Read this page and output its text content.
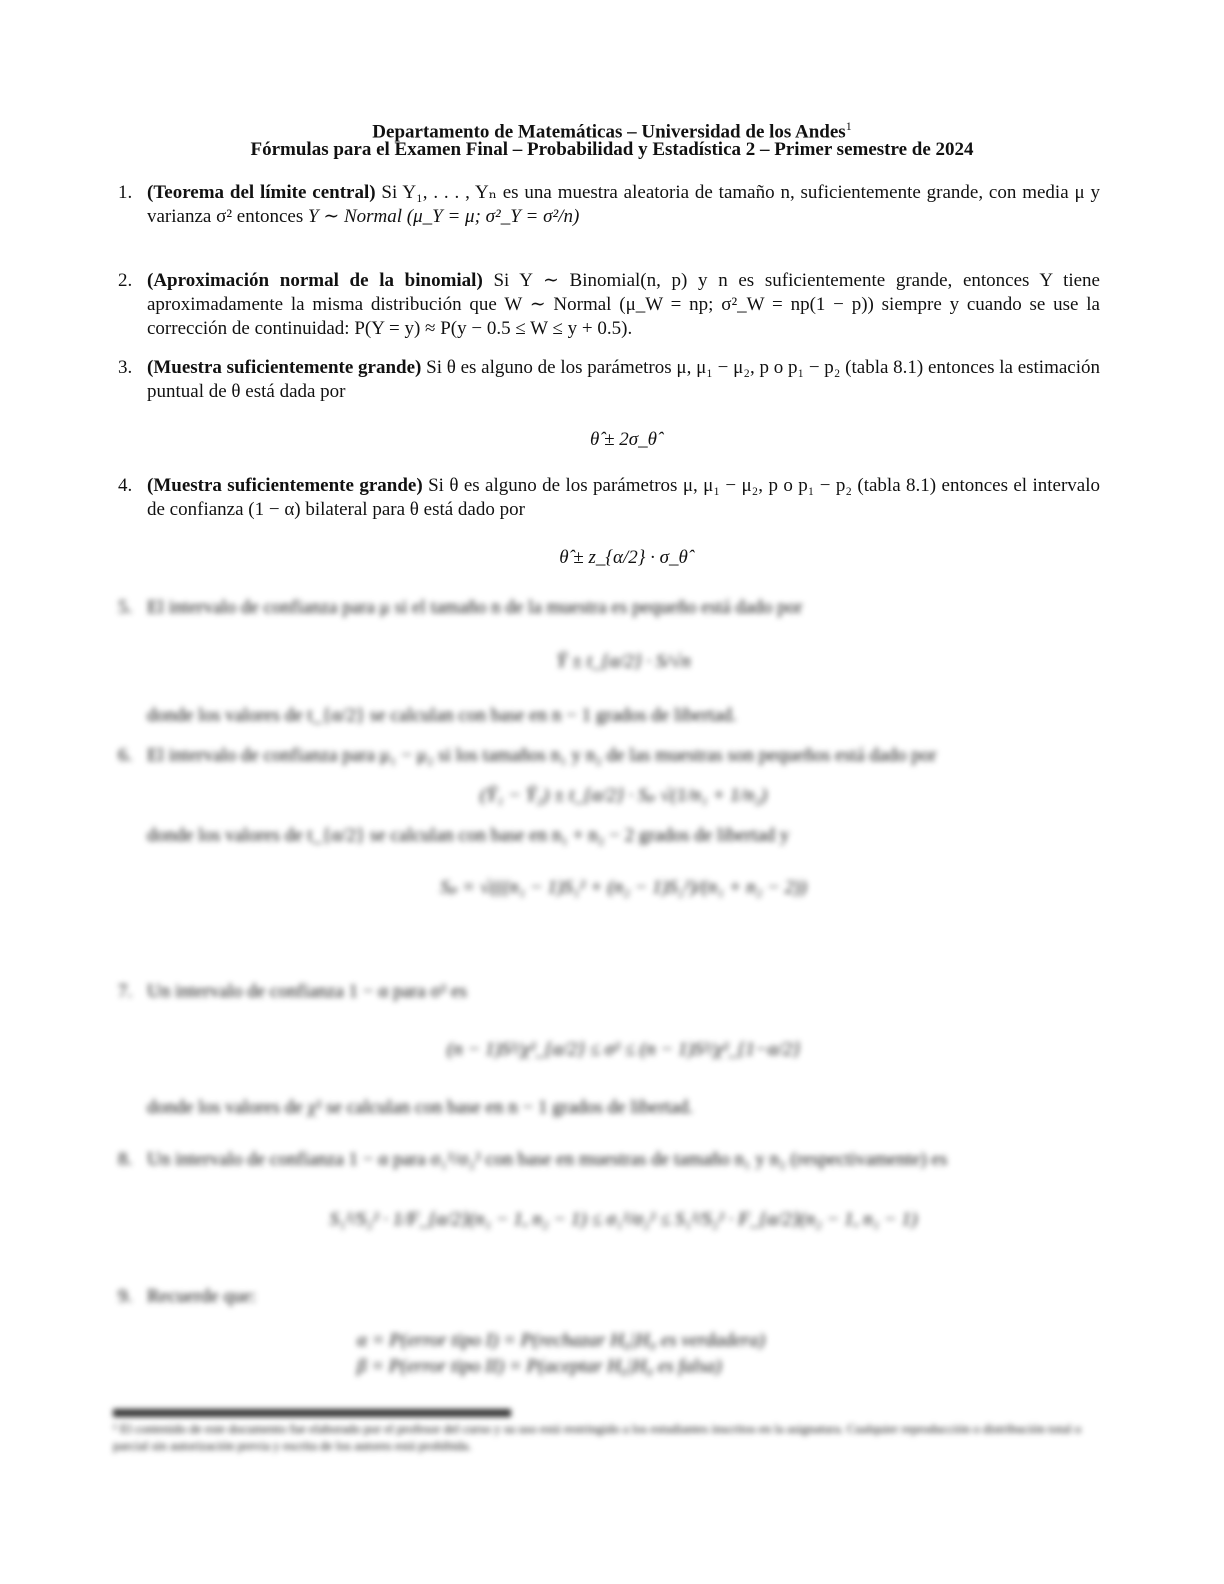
Departamento de Matemáticas – Universidad de los Andes$^1$
Fórmulas para el Examen Final – Probabilidad y Estadística 2 – Primer semestre de 2024
1. (Teorema del límite central) Si Y₁, . . . , Yₙ es una muestra aleatoria de tamaño n, suficientemente grande, con media μ y varianza σ² entonces Y ∼ Normal (μ_Y = μ; σ²_Y = σ²/n)
2. (Aproximación normal de la binomial) Si Y ∼ Binomial(n, p) y n es suficientemente grande, entonces Y tiene aproximadamente la misma distribución que W ∼ Normal (μ_W = np; σ²_W = np(1 − p)) siempre y cuando se use la corrección de continuidad: P(Y = y) ≈ P(y − 0.5 ≤ W ≤ y + 0.5).
3. (Muestra suficientemente grande) Si θ es alguno de los parámetros μ, μ₁ − μ₂, p o p₁ − p₂ (tabla 8.1) entonces la estimación puntual de θ está dada por
θ̂ ± 2σ_θ̂
4. (Muestra suficientemente grande) Si θ es alguno de los parámetros μ, μ₁ − μ₂, p o p₁ − p₂ (tabla 8.1) entonces el intervalo de confianza (1 − α) bilateral para θ está dado por
θ̂ ± z_{α/2} · σ_θ̂
5. El intervalo de confianza para μ si el tamaño n de la muestra es pequeño está dado por
Ȳ ± t_{α/2} · S/√n
donde los valores de t_{α/2} se calculan con base en n − 1 grados de libertad.
6. El intervalo de confianza para μ₁ − μ₂ si los tamaños n₁ y n₂ de las muestras son pequeños está dado por
(Ȳ₁ − Ȳ₂) ± t_{α/2} · Sₚ √(1/n₁ + 1/n₂)
donde los valores de t_{α/2} se calculan con base en n₁ + n₂ − 2 grados de libertad y
Sₚ = √(((n₁ − 1)S₁² + (n₂ − 1)S₂²)/(n₁ + n₂ − 2))
7. Un intervalo de confianza 1 − α para σ² es
(n − 1)S²/χ²_{α/2} ≤ σ² ≤ (n − 1)S²/χ²_{1−α/2}
donde los valores de χ² se calculan con base en n − 1 grados de libertad.
8. Un intervalo de confianza 1 − α para σ₁²/σ₂² con base en muestras de tamaño n₁ y n₂ (respectivamente) es
S₁²/S₂² · 1/F_{α/2}(n₁ − 1, n₂ − 1) ≤ σ₁²/σ₂² ≤ S₁²/S₂² · F_{α/2}(n₂ − 1, n₁ − 1)
9. Recuerde que:
α = P(error tipo I) = P(rechazar H₀|H₀ es verdadera)
β = P(error tipo II) = P(aceptar H₀|H₀ es falsa)
¹ El contenido de este documento fue elaborado por el profesor del curso y su uso está restringido a los estudiantes inscritos en la asignatura. Cualquier reproducción o distribución total o parcial sin autorización previa y escrita de los autores está prohibida.
